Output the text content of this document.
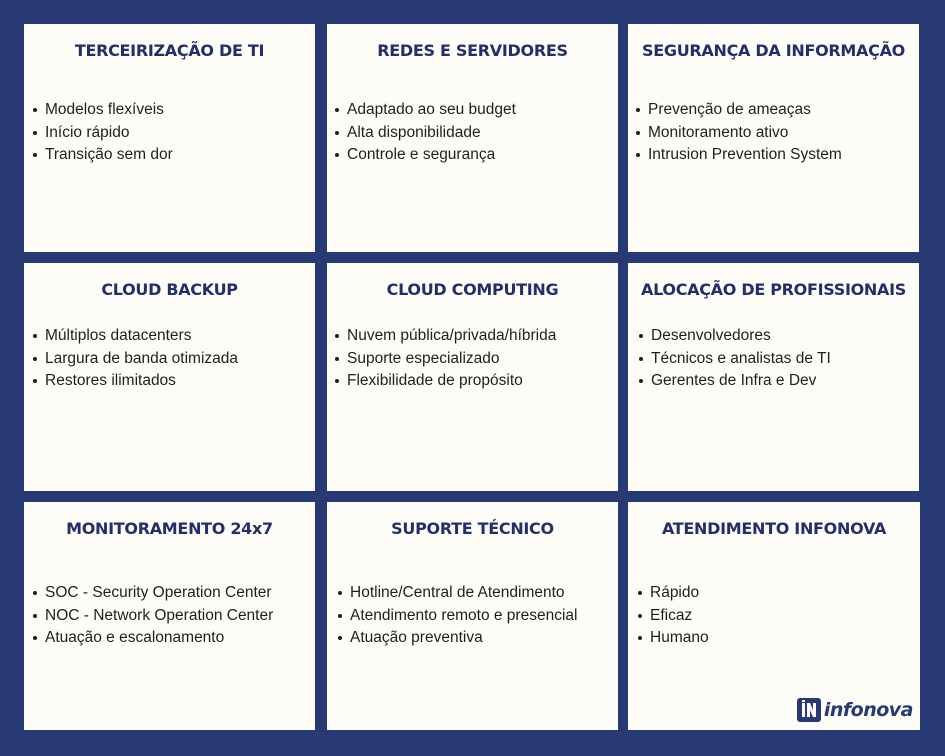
TERCEIRIZAÇÃO DE TI
Modelos flexíveis
Início rápido
Transição sem dor
REDES E SERVIDORES
Adaptado ao seu budget
Alta disponibilidade
Controle e segurança
SEGURANÇA DA INFORMAÇÃO
Prevenção de ameaças
Monitoramento ativo
Intrusion Prevention System
CLOUD BACKUP
Múltiplos datacenters
Largura de banda otimizada
Restores ilimitados
CLOUD COMPUTING
Nuvem pública/privada/híbrida
Suporte especializado
Flexibilidade de propósito
ALOCAÇÃO DE PROFISSIONAIS
Desenvolvedores
Técnicos e analistas de TI
Gerentes de Infra e Dev
MONITORAMENTO 24x7
SOC - Security Operation Center
NOC - Network Operation Center
Atuação e escalonamento
SUPORTE TÉCNICO
Hotline/Central de Atendimento
Atendimento remoto e presencial
Atuação preventiva
ATENDIMENTO INFONOVA
Rápido
Eficaz
Humano
infonova
